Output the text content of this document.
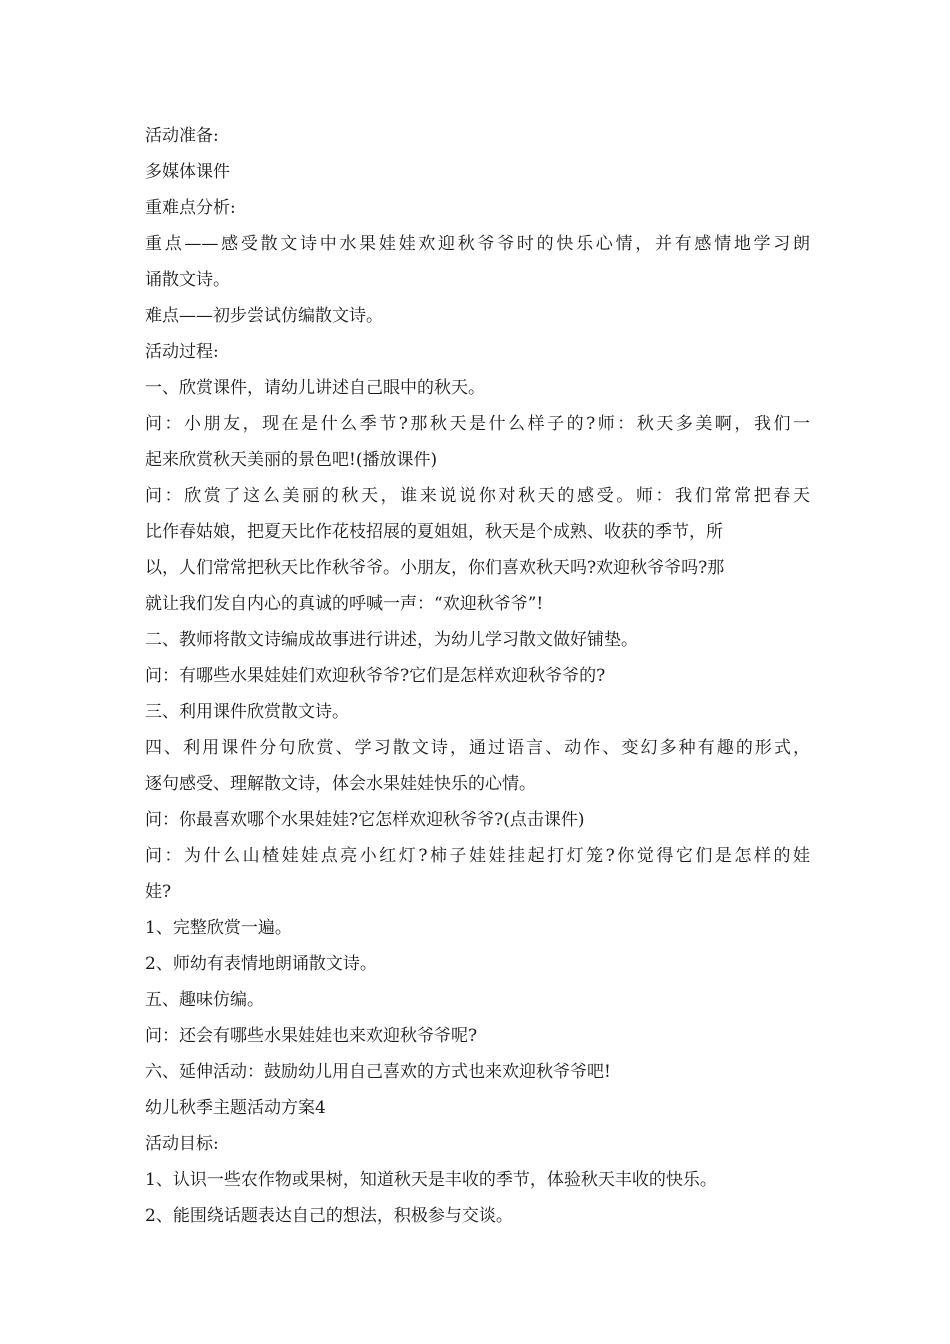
活动准备:
多媒体课件
重难点分析:
重点——感受散文诗中水果娃娃欢迎秋爷爷时的快乐心情，并有感情地学习朗
诵散文诗。
难点——初步尝试仿编散文诗。
活动过程:
一、欣赏课件，请幼儿讲述自己眼中的秋天。
问：小朋友，现在是什么季节?那秋天是什么样子的?师：秋天多美啊，我们一
起来欣赏秋天美丽的景色吧!(播放课件)
问：欣赏了这么美丽的秋天，谁来说说你对秋天的感受。师：我们常常把春天
比作春姑娘，把夏天比作花枝招展的夏姐姐，秋天是个成熟、收获的季节，所
以，人们常常把秋天比作秋爷爷。小朋友，你们喜欢秋天吗?欢迎秋爷爷吗?那
就让我们发自内心的真诚的呼喊一声：“欢迎秋爷爷”!
二、教师将散文诗编成故事进行讲述，为幼儿学习散文做好铺垫。
问：有哪些水果娃娃们欢迎秋爷爷?它们是怎样欢迎秋爷爷的?
三、利用课件欣赏散文诗。
四、利用课件分句欣赏、学习散文诗，通过语言、动作、变幻多种有趣的形式，
逐句感受、理解散文诗，体会水果娃娃快乐的心情。
问：你最喜欢哪个水果娃娃?它怎样欢迎秋爷爷?(点击课件)
问：为什么山楂娃娃点亮小红灯?柿子娃娃挂起打灯笼?你觉得它们是怎样的娃
娃?
1、完整欣赏一遍。
2、师幼有表情地朗诵散文诗。
五、趣味仿编。
问：还会有哪些水果娃娃也来欢迎秋爷爷呢?
六、延伸活动：鼓励幼儿用自己喜欢的方式也来欢迎秋爷爷吧!
幼儿秋季主题活动方案4
活动目标:
1、认识一些农作物或果树，知道秋天是丰收的季节，体验秋天丰收的快乐。
2、能围绕话题表达自己的想法，积极参与交谈。
